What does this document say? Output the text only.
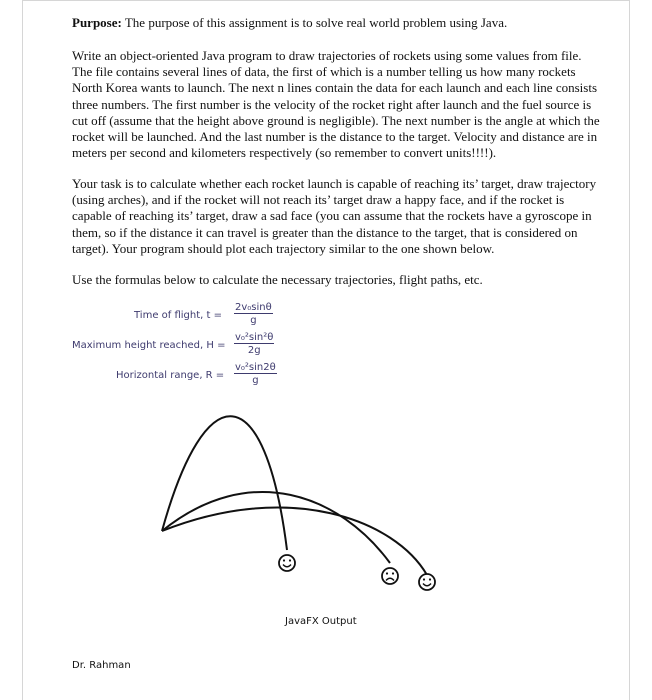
Purpose: The purpose of this assignment is to solve real world problem using Java.
Write an object-oriented Java program to draw trajectories of rockets using some values from file. The file contains several lines of data, the first of which is a number telling us how many rockets North Korea wants to launch. The next n lines contain the data for each launch and each line consists three numbers. The first number is the velocity of the rocket right after launch and the fuel source is cut off (assume that the height above ground is negligible). The next number is the angle at which the rocket will be launched. And the last number is the distance to the target. Velocity and distance are in meters per second and kilometers respectively (so remember to convert units!!!!).
Your task is to calculate whether each rocket launch is capable of reaching its’ target, draw trajectory (using arches), and if the rocket will not reach its’ target draw a happy face, and if the rocket is capable of reaching its’ target, draw a sad face (you can assume that the rockets have a gyroscope in them, so if the distance it can travel is greater than the distance to the target, that is considered on target). Your program should plot each trajectory similar to the one shown below.
Use the formulas below to calculate the necessary trajectories, flight paths, etc.
Time of flight, $t = \frac{\text{2v₀sinθ}}{g}$
Maximum height reached, $H = \frac{\text{v₀²sin²θ}}{2g}$
Horizontal range, $R = \frac{\text{v₀²sin2θ}}{g}$
JavaFX Output
Dr. Rahman
